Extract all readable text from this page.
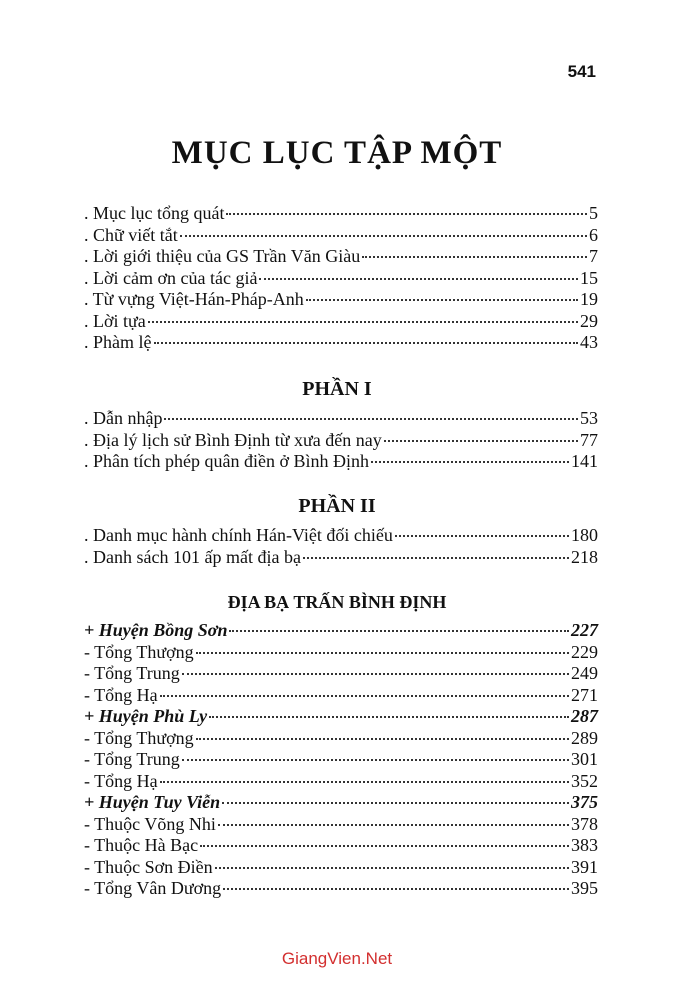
541
MỤC LỤC TẬP MỘT
. Mục lục tổng quát	5
. Chữ viết tắt	6
. Lời giới thiệu của GS Trần Văn Giàu	7
. Lời cảm ơn của tác giả	15
. Từ vựng Việt-Hán-Pháp-Anh	19
. Lời tựa	29
. Phàm lệ	43
PHẦN I
. Dẫn nhập	53
. Địa lý lịch sử Bình Định từ xưa đến nay	77
. Phân tích phép quân điền ở Bình Định	141
PHẦN II
. Danh mục hành chính Hán-Việt đối chiếu	180
. Danh sách 101 ấp mất địa bạ	218
ĐỊA BẠ TRẤN BÌNH ĐỊNH
+ Huyện Bồng Sơn	227
- Tổng Thượng	229
- Tổng Trung	249
- Tổng Hạ	271
+ Huyện Phù Ly	287
- Tổng Thượng	289
- Tổng Trung	301
- Tổng Hạ	352
+ Huyện Tuy Viễn	375
- Thuộc Võng Nhi	378
- Thuộc Hà Bạc	383
- Thuộc Sơn Điền	391
- Tổng Vân Dương	395
GiangVien.Net
